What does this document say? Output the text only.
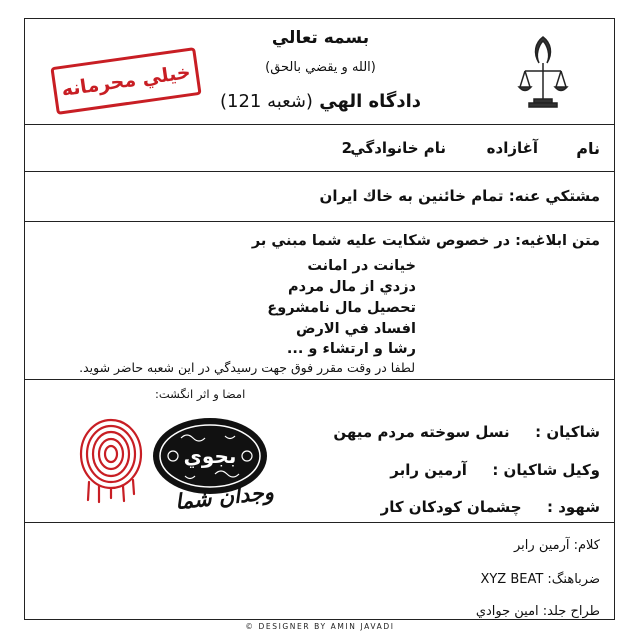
بسمه تعالي
(الله و يقضي بالحق)
دادگاه الهي (شعبه 121)
خيلي محرمانه
نام
آغازاده
نام خانوادگي
2
مشتكي عنه: تمام خائنين به خاك ايران
متن ابلاغيه: در خصوص شكايت عليه شما مبني بر
خيانت در امانت
دزدي از مال مردم
تحصيل مال نامشروع
افساد في الارض
رشا و ارتشاء و ...
لطفا در وقت مقرر فوق جهت رسيدگي در اين شعبه حاضر شويد.
امضا و اثر انگشت:
شاكيان :     نسل سوخته مردم ميهن
وكيل شاكيان :     آرمين رابر
شهود :     چشمان كودكان كار
بجوي
وجدان شما
كلام: آرمين رابر
ضرباهنگ: XYZ BEAT
طراح جلد: امين جوادي
© DESIGNER BY AMIN JAVADI
